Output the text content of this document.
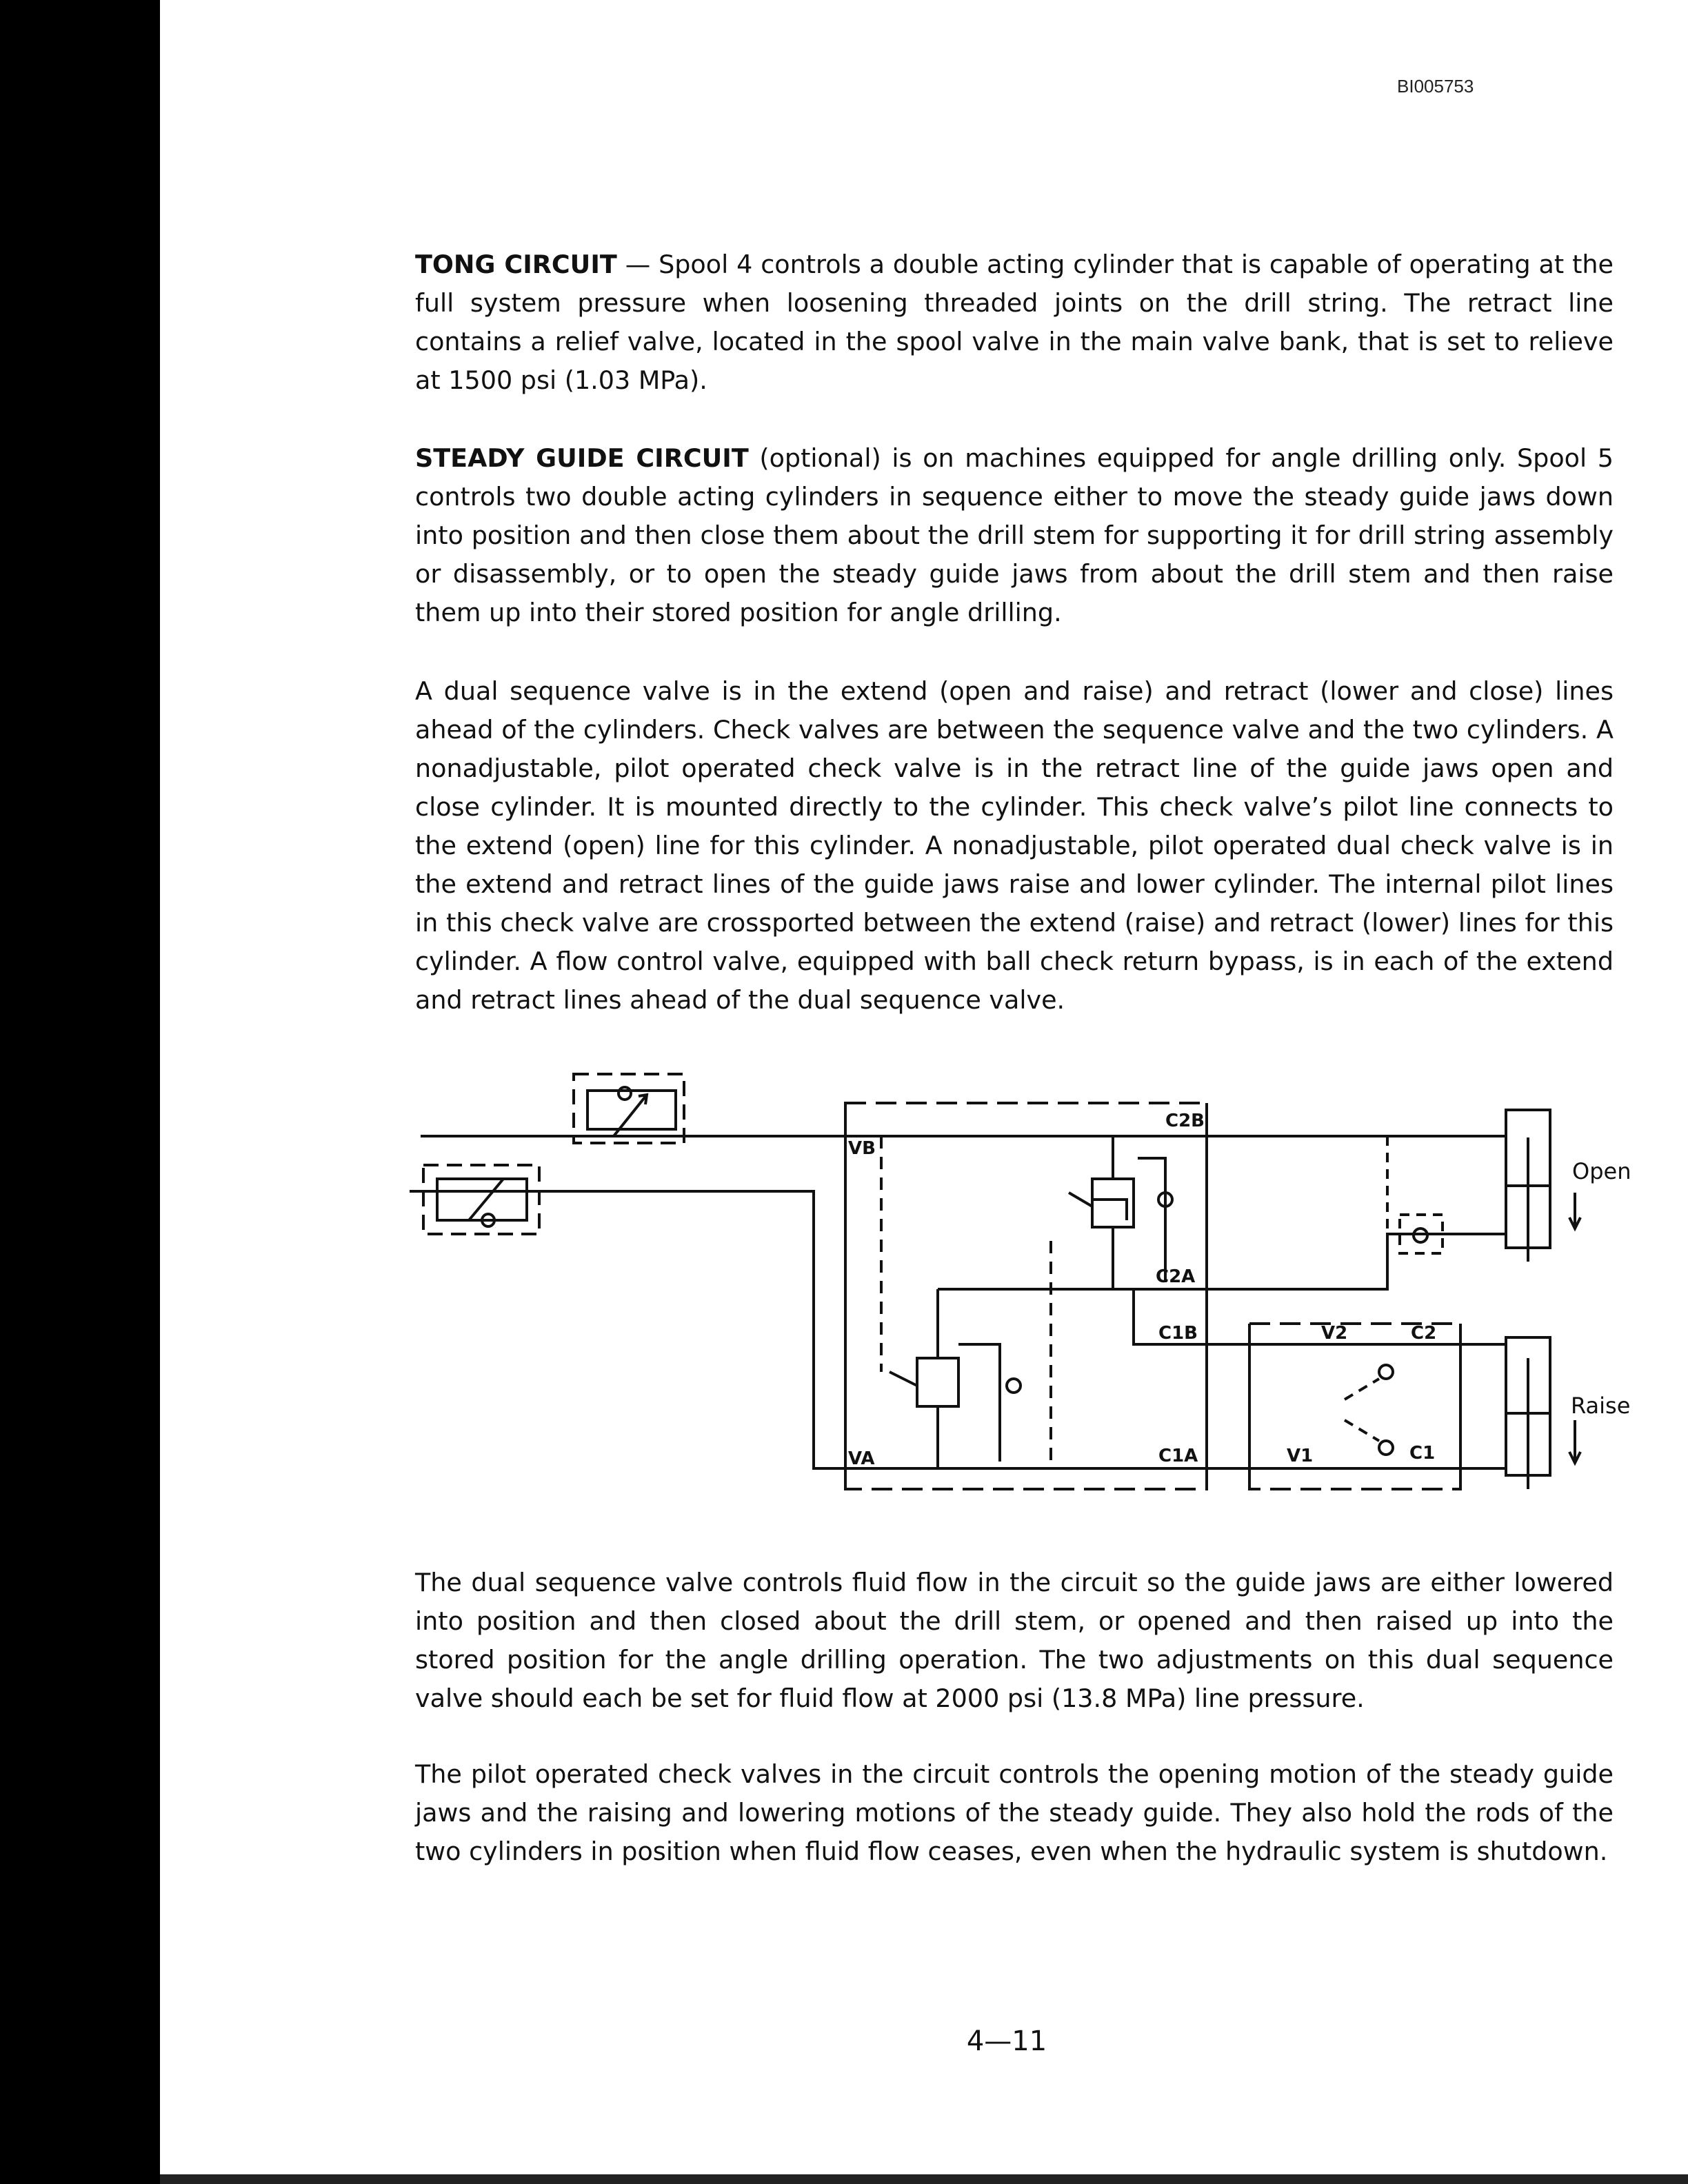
BI005753

TONG CIRCUIT — Spool 4 controls a double acting cylinder that is capable of operating at the full system pressure when loosening threaded joints on the drill string. The retract line contains a relief valve, located in the spool valve in the main valve bank, that is set to relieve at 1500 psi (1.03 MPa).

STEADY GUIDE CIRCUIT (optional) is on machines equipped for angle drilling only. Spool 5 controls two double acting cylinders in sequence either to move the steady guide jaws down into position and then close them about the drill stem for supporting it for drill string assembly or disassembly, or to open the steady guide jaws from about the drill stem and then raise them up into their stored position for angle drilling.

A dual sequence valve is in the extend (open and raise) and retract (lower and close) lines ahead of the cylinders. Check valves are between the sequence valve and the two cylinders. A nonadjustable, pilot operated check valve is in the retract line of the guide jaws open and close cylinder. It is mounted directly to the cylinder. This check valve’s pilot line connects to the extend (open) line for this cylinder. A nonadjustable, pilot operated dual check valve is in the extend and retract lines of the guide jaws raise and lower cylinder. The internal pilot lines in this check valve are crossported between the extend (raise) and retract (lower) lines for this cylinder. A flow control valve, equipped with ball check return bypass, is in each of the extend and retract lines ahead of the dual sequence valve.

VB
VA
C2B
C2A
C1B
C1A
V2	C2
V1	C1
Open
Raise

The dual sequence valve controls fluid flow in the circuit so the guide jaws are either lowered into position and then closed about the drill stem, or opened and then raised up into the stored position for the angle drilling operation. The two adjustments on this dual sequence valve should each be set for fluid flow at 2000 psi (13.8 MPa) line pressure.

The pilot operated check valves in the circuit controls the opening motion of the steady guide jaws and the raising and lowering motions of the steady guide. They also hold the rods of the two cylinders in position when fluid flow ceases, even when the hydraulic system is shutdown.

4—11
